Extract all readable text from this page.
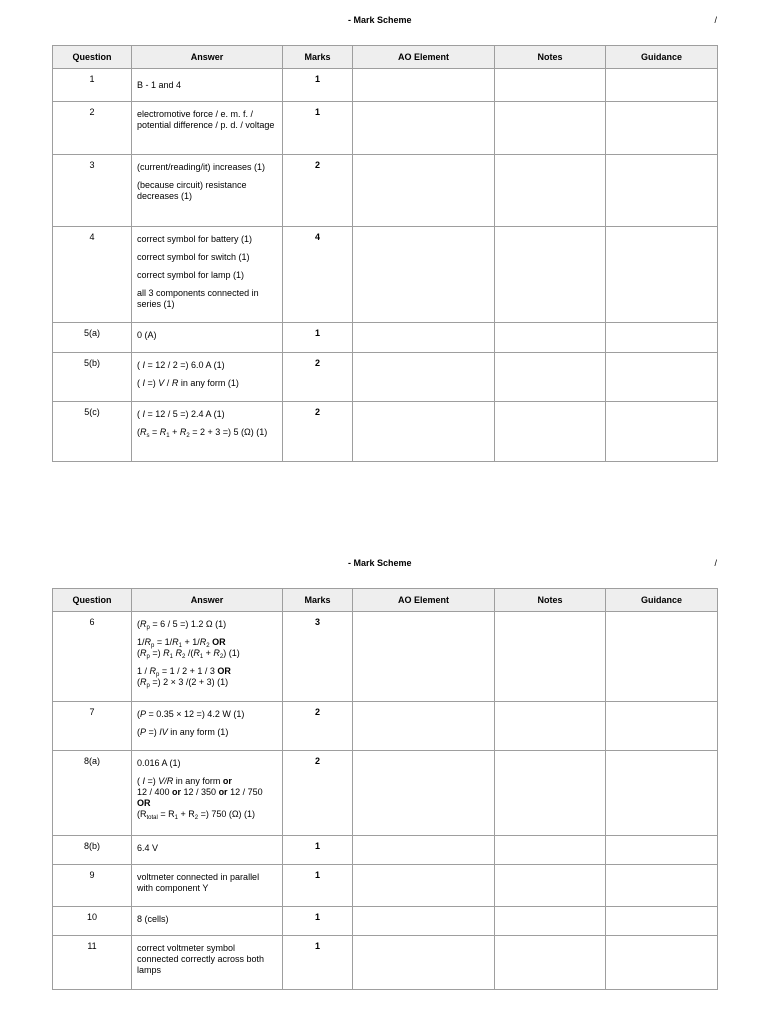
- Mark Scheme	/
Question	Answer	Marks	AO Element	Notes	Guidance
1	B - 1 and 4	1			
2	electromotive force / e. m. f. / potential difference / p. d. / voltage	1			
3	(current/reading/it) increases (1)

(because circuit) resistance decreases (1)	2			
4	correct symbol for battery (1)

correct symbol for switch (1)

correct symbol for lamp (1)

all 3 components connected in series (1)	4			
5(a)	0 (A)	1			
5(b)	( I = 12 / 2 =) 6.0 A (1)

( I =) V / R in any form (1)	2			
5(c)	( I = 12 / 5 =) 2.4 A (1)

($R_s = R_1 + R_2 = 2 + 3$ =) 5 (Ω) (1)	2			
- Mark Scheme	/
Question	Answer	Marks	AO Element	Notes	Guidance
6	($R_p = 6 / 5$ =) 1.2 Ω (1)

$1/R_p = 1/R_1 + 1/R_2$ OR
($R_p$ =) $R_1$ $R_2$ $/(R_1 + R_2)$ (1)

$1 / R_p = 1 / 2 + 1 / 3$ OR
($R_p$ =) 2 × 3 /(2 + 3) (1)	3			
7	(P = 0.35 × 12 =) 4.2 W (1)

(P =) IV in any form (1)	2			
8(a)	0.016 A (1)

( I =) V/R in any form or
12 / 400 or 12 / 350 or 12 / 750
OR
($R_{total} = R_1 + R_2$ =) 750 (Ω) (1)	2			
8(b)	6.4 V	1			
9	voltmeter connected in parallel with component Y	1			
10	8 (cells)	1			
11	correct voltmeter symbol connected correctly across both lamps	1			
